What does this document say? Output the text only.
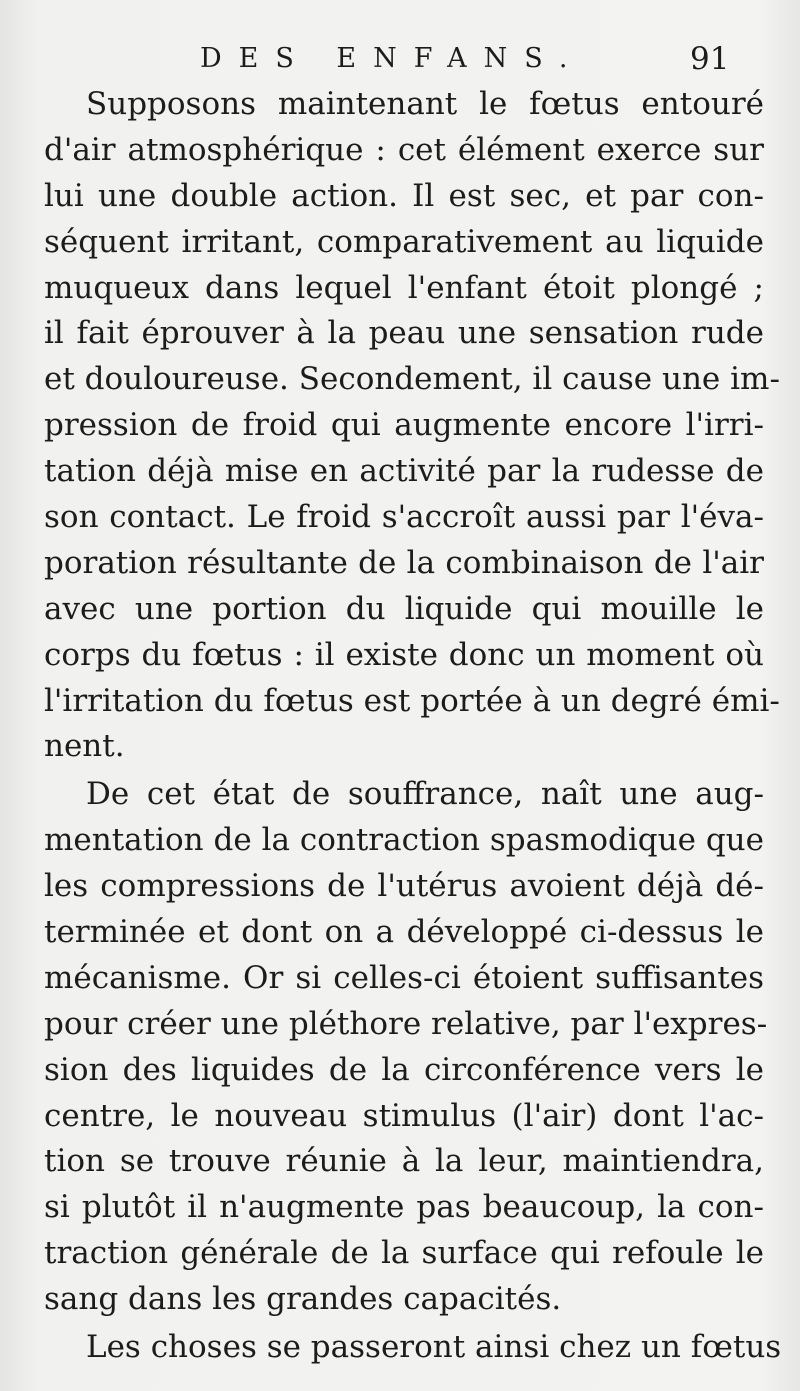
DES ENFANS.	91
Supposons maintenant le fœtus entouré
d'air atmosphérique : cet élément exerce sur
lui une double action. Il est sec, et par con-
séquent irritant, comparativement au liquide
muqueux dans lequel l'enfant étoit plongé ;
il fait éprouver à la peau une sensation rude
et douloureuse. Secondement, il cause une im-
pression de froid qui augmente encore l'irri-
tation déjà mise en activité par la rudesse de
son contact. Le froid s'accroît aussi par l'éva-
poration résultante de la combinaison de l'air
avec une portion du liquide qui mouille le
corps du fœtus : il existe donc un moment où
l'irritation du fœtus est portée à un degré émi-
nent.
De cet état de souffrance, naît une aug-
mentation de la contraction spasmodique que
les compressions de l'utérus avoient déjà dé-
terminée et dont on a développé ci-dessus le
mécanisme. Or si celles-ci étoient suffisantes
pour créer une pléthore relative, par l'expres-
sion des liquides de la circonférence vers le
centre, le nouveau stimulus (l'air) dont l'ac-
tion se trouve réunie à la leur, maintiendra,
si plutôt il n'augmente pas beaucoup, la con-
traction générale de la surface qui refoule le
sang dans les grandes capacités.
Les choses se passeront ainsi chez un fœtus
